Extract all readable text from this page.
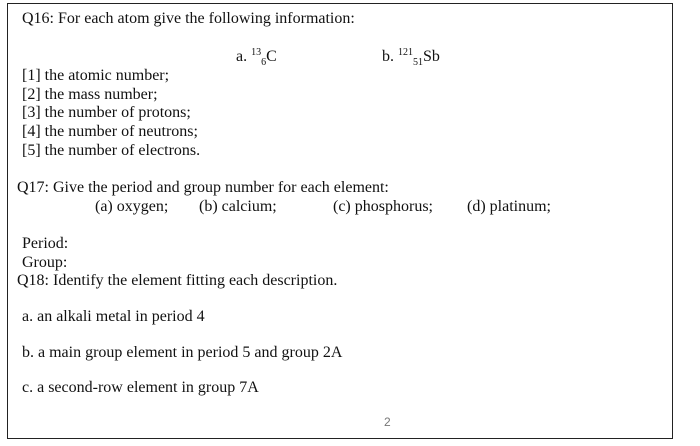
Q16: For each atom give the following information:
a. $^{13}_6$C	b. $^{121}_{51}$Sb
[1] the atomic number;
[2] the mass number;
[3] the number of protons;
[4] the number of neutrons;
[5] the number of electrons.
Q17: Give the period and group number for each element:
(a) oxygen; (b) calcium;	(c) phosphorus; (d) platinum;
Period:
Group:
Q18: Identify the element fitting each description.
a. an alkali metal in period 4
b. a main group element in period 5 and group 2A
c. a second-row element in group 7A
2
